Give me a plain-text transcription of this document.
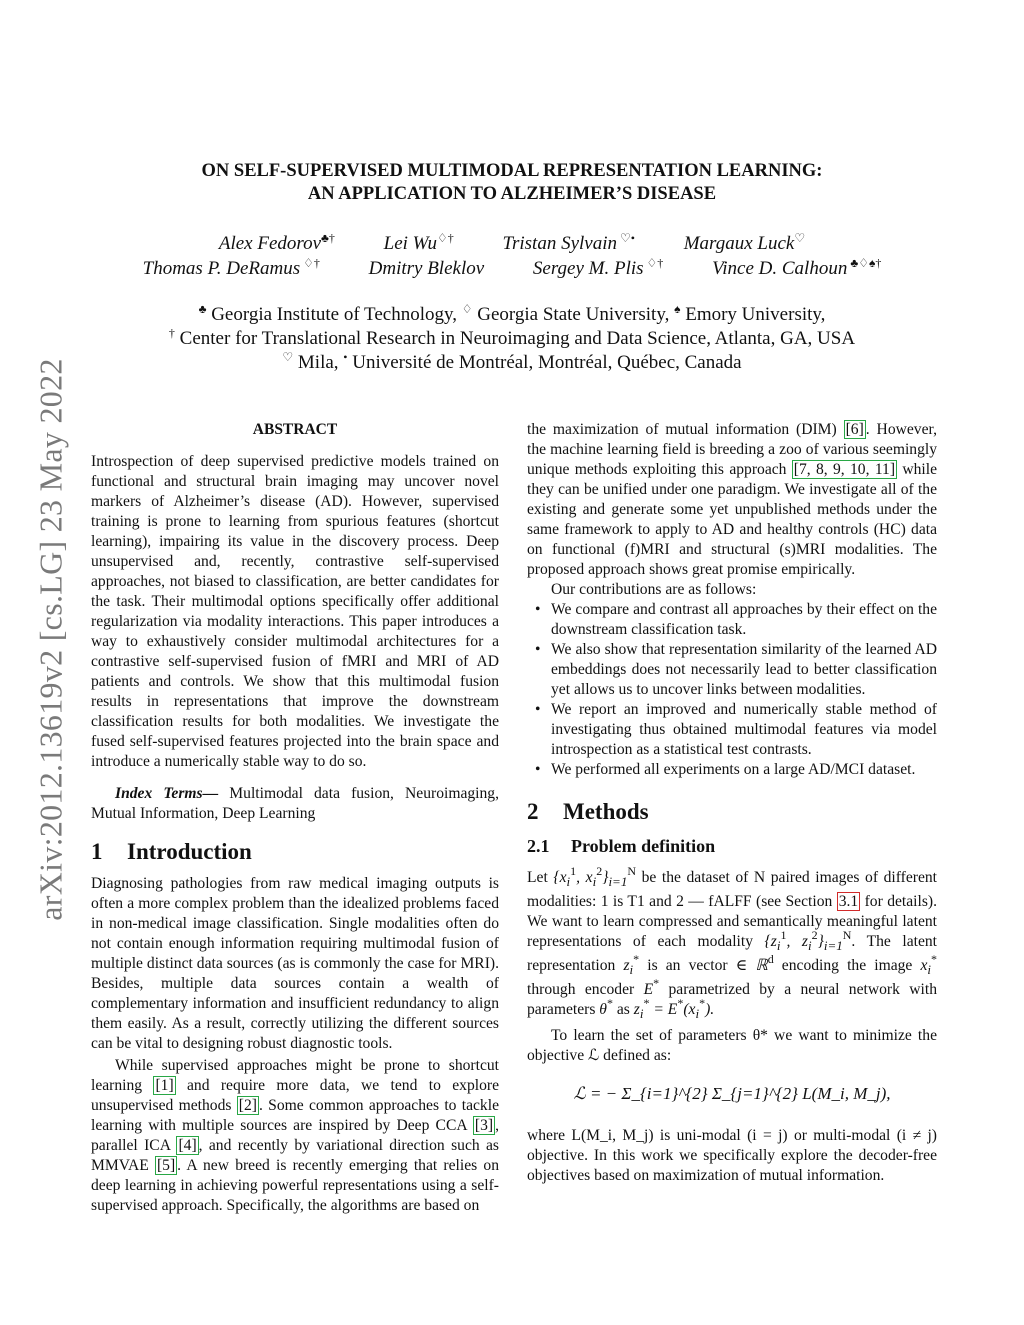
arXiv:2012.13619v2 [cs.LG] 23 May 2022
ON SELF-SUPERVISED MULTIMODAL REPRESENTATION LEARNING:
AN APPLICATION TO ALZHEIMER’S DISEASE
Alex Fedorov♣†	Lei Wu♢†	Tristan Sylvain ♡•	Margaux Luck♡
Thomas P. DeRamus ♢†	Dmitry Bleklov	Sergey M. Plis ♢†	Vince D. Calhoun ♣♢♠†
♣ Georgia Institute of Technology, ♢ Georgia State University, ♠ Emory University,
† Center for Translational Research in Neuroimaging and Data Science, Atlanta, GA, USA
♡ Mila, • Université de Montréal, Montréal, Québec, Canada
ABSTRACT

Introspection of deep supervised predictive models trained on functional and structural brain imaging may uncover novel markers of Alzheimer’s disease (AD). However, supervised training is prone to learning from spurious features (shortcut learning), impairing its value in the discovery process. Deep unsupervised and, recently, contrastive self-supervised approaches, not biased to classification, are better candidates for the task. Their multimodal options specifically offer additional regularization via modality interactions. This paper introduces a way to exhaustively consider multimodal architectures for a contrastive self-supervised fusion of fMRI and MRI of AD patients and controls. We show that this multimodal fusion results in representations that improve the downstream classification results for both modalities. We investigate the fused self-supervised features projected into the brain space and introduce a numerically stable way to do so.

Index Terms— Multimodal data fusion, Neuroimaging, Mutual Information, Deep Learning

1 Introduction

Diagnosing pathologies from raw medical imaging outputs is often a more complex problem than the idealized problems faced in non-medical image classification. Single modalities often do not contain enough information requiring multimodal fusion of multiple distinct data sources (as is commonly the case for MRI). Besides, multiple data sources contain a wealth of complementary information and insufficient redundancy to align them easily. As a result, correctly utilizing the different sources can be vital to designing robust diagnostic tools.

While supervised approaches might be prone to shortcut learning [1] and require more data, we tend to explore unsupervised methods [2] . Some common approaches to tackle learning with multiple sources are inspired by Deep CCA [3] , parallel ICA [4] , and recently by variational direction such as MMVAE [5] . A new breed is recently emerging that relies on deep learning in achieving powerful representations using a self-supervised approach. Specifically, the algorithms are based on

the maximization of mutual information (DIM) [6] . However, the machine learning field is breeding a zoo of various seemingly unique methods exploiting this approach [7, 8, 9, 10, 11] while they can be unified under one paradigm. We investigate all of the existing and generate some yet unpublished methods under the same framework to apply to AD and healthy controls (HC) data on functional (f)MRI and structural (s)MRI modalities. The proposed approach shows great promise empirically.

Our contributions are as follows:

• We compare and contrast all approaches by their effect on the downstream classification task.
• We also show that representation similarity of the learned AD embeddings does not necessarily lead to better classification yet allows us to uncover links between modalities.
• We report an improved and numerically stable method of investigating thus obtained multimodal features via model introspection as a statistical test contrasts.
• We performed all experiments on a large AD/MCI dataset.
2 Methods
2.1 Problem definition

Let {$x_i^1$, $x_i^2\}_{i=1}^N$ be the dataset of N paired images of different modalities: 1 is T1 and 2 — fALFF (see Section 3.1 for details). We want to learn compressed and semantically meaningful latent representations of each modality {$z_i^1$, $z_i^2\}_{i=1}^N$. The latent representation $z_i^*$ is an vector ∈ ℝ$^d$ encoding the image $x_i^*$ through encoder E* parametrized by a neural network with parameters θ* as $z_i^* = E^*(x_i^*)$.

To learn the set of parameters θ* we want to minimize the objective ℒ defined as:

ℒ = − Σ_{i=1}^{2} Σ_{j=1}^{2} L(M_i, M_j),

where L(M_i, M_j) is uni-modal (i = j) or multi-modal (i ≠ j) objective. In this work we specifically explore the decoder-free objectives based on maximization of mutual information.
